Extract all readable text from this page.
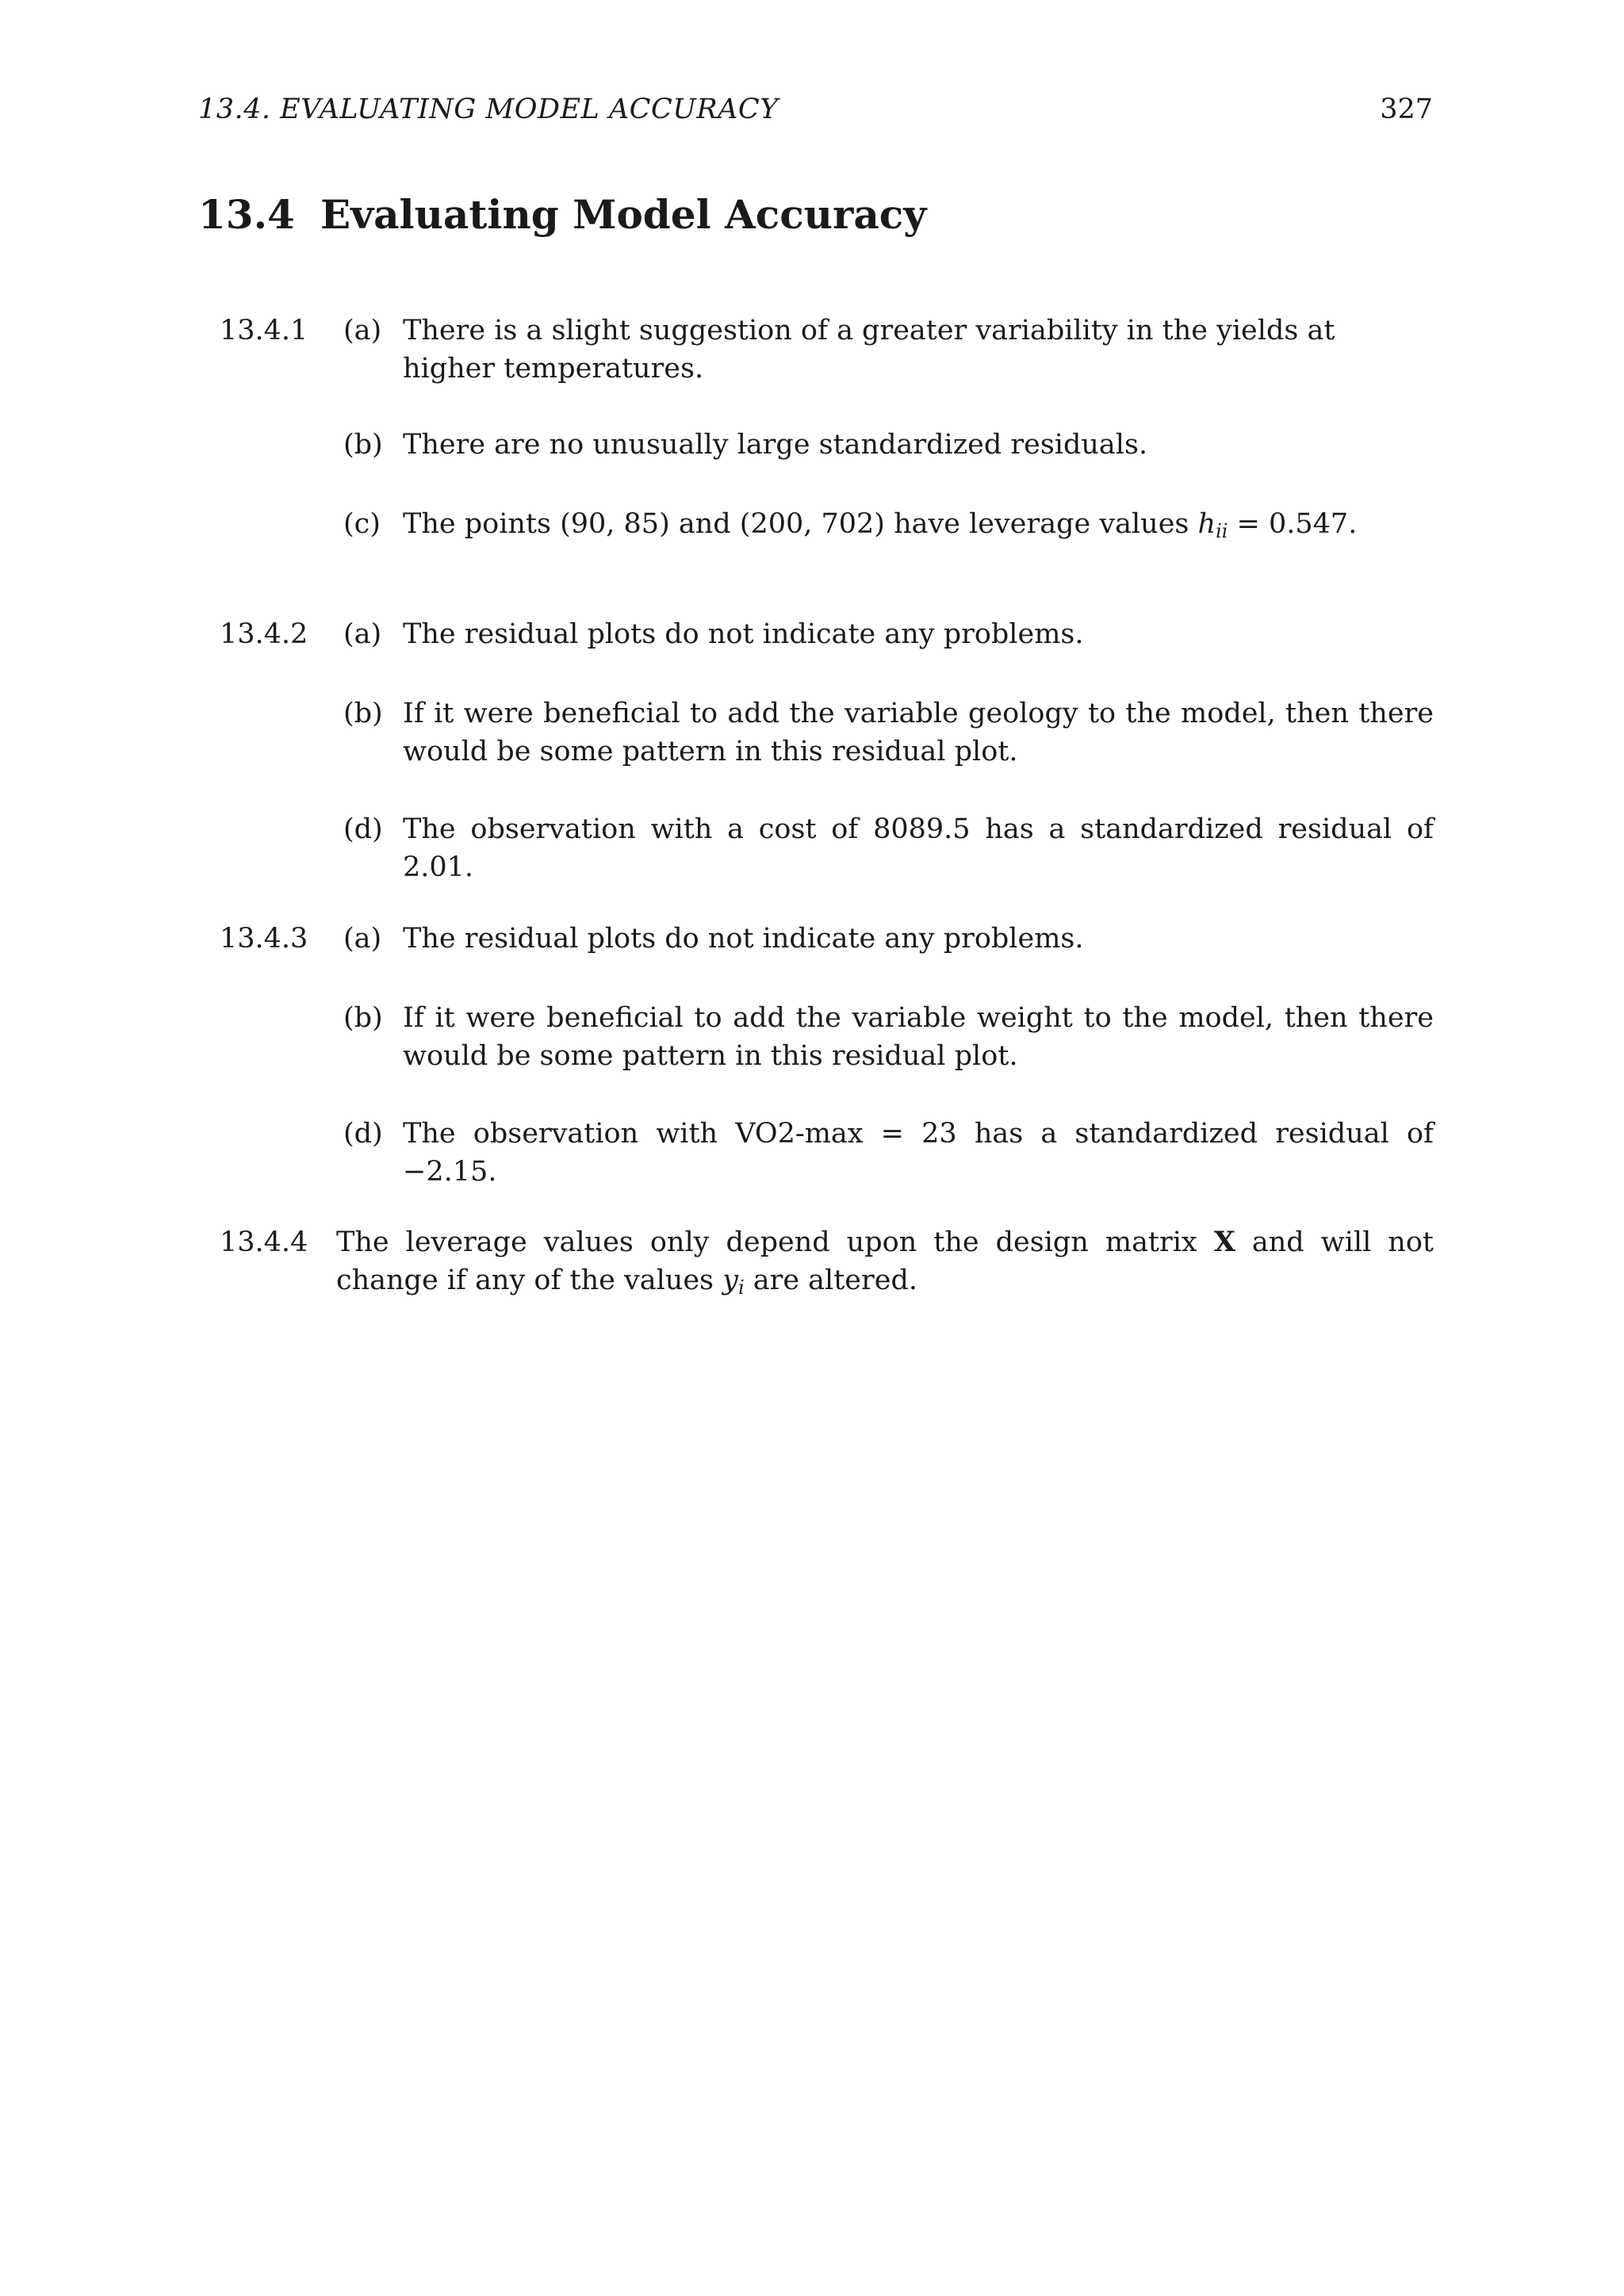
13.4. EVALUATING MODEL ACCURACY	327
13.4 Evaluating Model Accuracy
13.4.1 (a) There is a slight suggestion of a greater variability in the yields at higher temperatures.
(b) There are no unusually large standardized residuals.
(c) The points (90, 85) and (200, 702) have leverage values $h_{ii} = 0.547$.
13.4.2 (a) The residual plots do not indicate any problems.
(b) If it were beneficial to add the variable geology to the model, then there would be some pattern in this residual plot.
(d) The observation with a cost of 8089.5 has a standardized residual of 2.01.
13.4.3 (a) The residual plots do not indicate any problems.
(b) If it were beneficial to add the variable weight to the model, then there would be some pattern in this residual plot.
(d) The observation with VO2-max = 23 has a standardized residual of −2.15.
13.4.4 The leverage values only depend upon the design matrix X and will not change if any of the values $y_i$ are altered.
